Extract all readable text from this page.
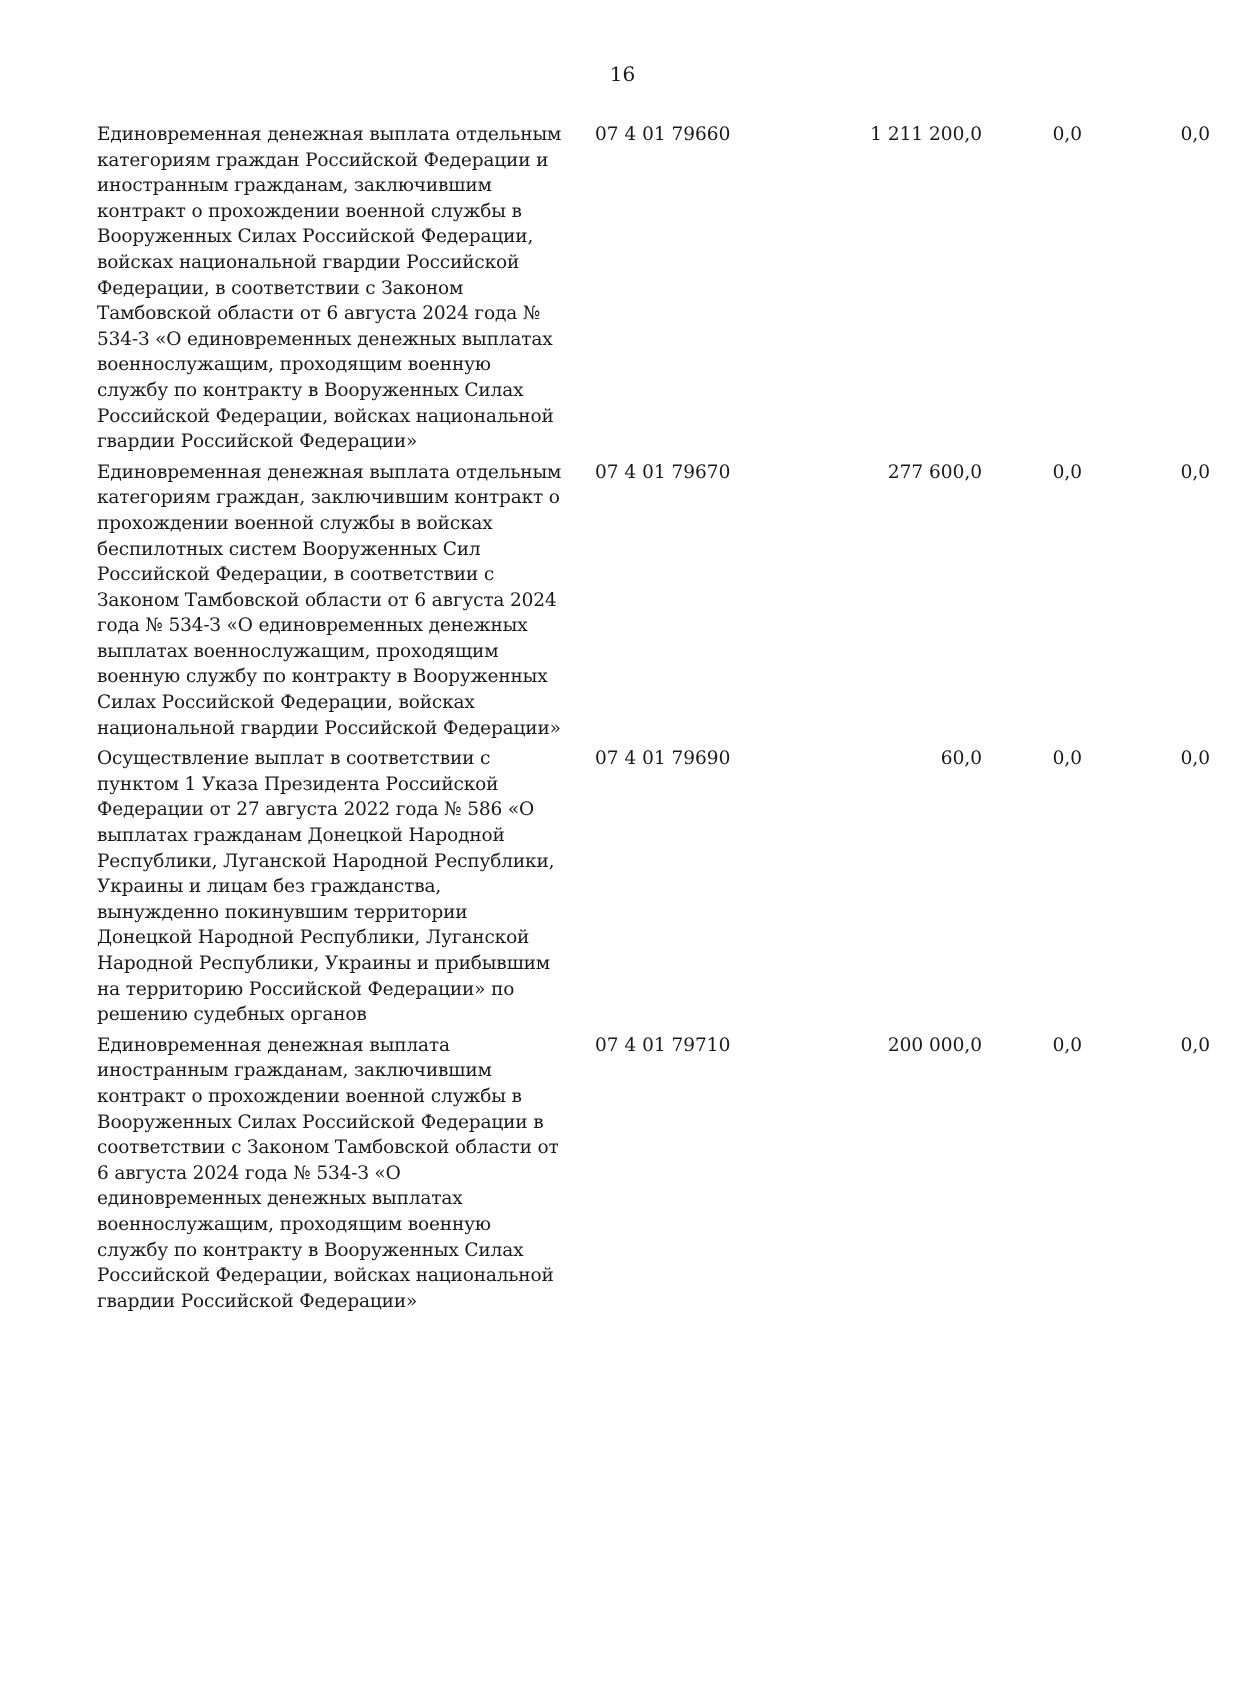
16
Единовременная денежная выплата отдельным категориям граждан Российской Федерации и иностранным гражданам, заключившим контракт о прохождении военной службы в Вооруженных Силах Российской Федерации, войсках национальной гвардии Российской Федерации, в соответствии с Законом Тамбовской области от 6 августа 2024 года № 534-З «О единовременных денежных выплатах военнослужащим, проходящим военную службу по контракту в Вооруженных Силах Российской Федерации, войсках национальной гвардии Российской Федерации»
07 4 01 79660	1 211 200,0	0,0	0,0
Единовременная денежная выплата отдельным категориям граждан, заключившим контракт о прохождении военной службы в войсках беспилотных систем Вооруженных Сил Российской Федерации, в соответствии с Законом Тамбовской области от 6 августа 2024 года № 534-З «О единовременных денежных выплатах военнослужащим, проходящим военную службу по контракту в Вооруженных Силах Российской Федерации, войсках национальной гвардии Российской Федерации»
07 4 01 79670	277 600,0	0,0	0,0
Осуществление выплат в соответствии с пунктом 1 Указа Президента Российской Федерации от 27 августа 2022 года № 586 «О выплатах гражданам Донецкой Народной Республики, Луганской Народной Республики, Украины и лицам без гражданства, вынужденно покинувшим территории Донецкой Народной Республики, Луганской Народной Республики, Украины и прибывшим на территорию Российской Федерации» по решению судебных органов
07 4 01 79690	60,0	0,0	0,0
Единовременная денежная выплата иностранным гражданам, заключившим контракт о прохождении военной службы в Вооруженных Силах Российской Федерации в соответствии с Законом Тамбовской области от 6 августа 2024 года № 534-З «О единовременных денежных выплатах военнослужащим, проходящим военную службу по контракту в Вооруженных Силах Российской Федерации, войсках национальной гвардии Российской Федерации»
07 4 01 79710	200 000,0	0,0	0,0
